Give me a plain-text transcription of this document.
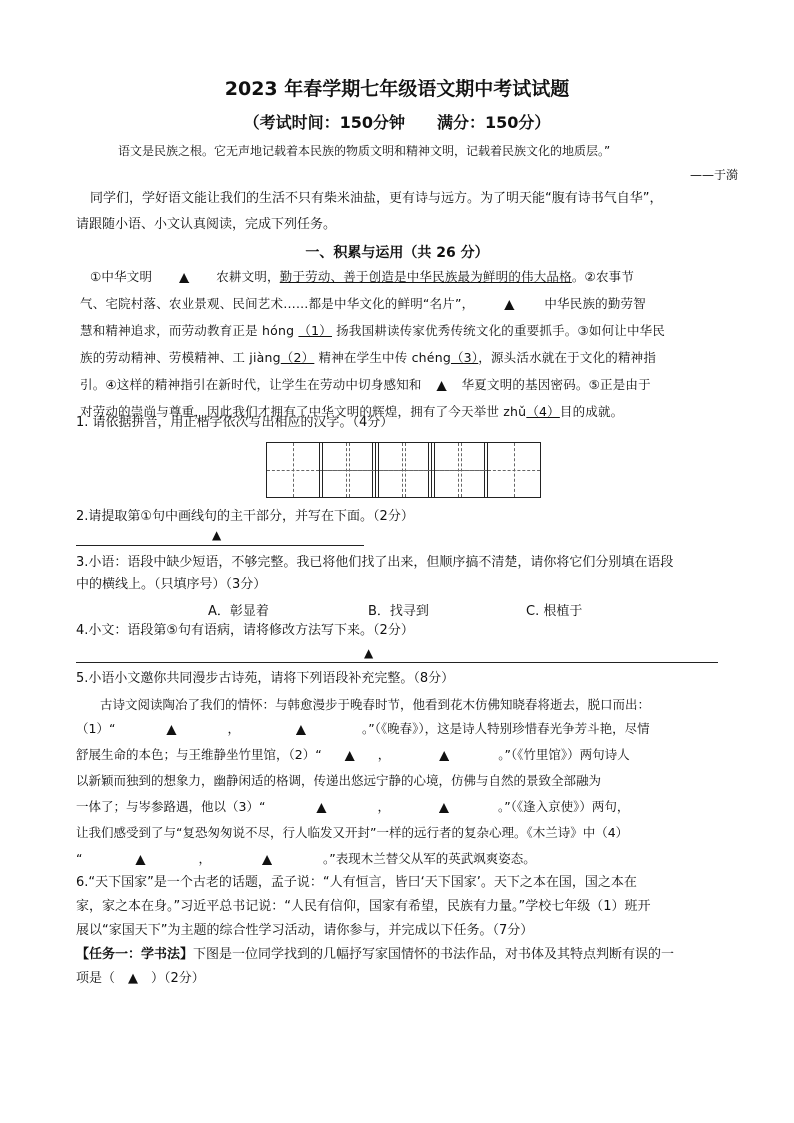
2023 年春学期七年级语文期中考试试题
（考试时间：150分钟　　满分：150分）
语文是民族之根。它无声地记载着本民族的物质文明和精神文明，记载着民族文化的地质层。”
——于漪
同学们，学好语文能让我们的生活不只有柴米油盐，更有诗与远方。为了明天能“腹有诗书气自华”，
请跟随小语、小文认真阅读，完成下列任务。
一、积累与运用（共 26 分）
①中华文明 ▲ 农耕文明，勤于劳动、善于创造是中华民族最为鲜明的伟大品格。②农事节
气、宅院村落、农业景观、民间艺术……都是中华文化的鲜明“名片”， ▲ 中华民族的勤劳智
慧和精神追求，而劳动教育正是 hóng （1） 扬我国耕读传家优秀传统文化的重要抓手。③如何让中华民
族的劳动精神、劳模精神、工 jiàng（2） 精神在学生中传 chéng（3），源头活水就在于文化的精神指
引。④这样的精神指引在新时代，让学生在劳动中切身感知和 ▲ 华夏文明的基因密码。⑤正是由于
对劳动的崇尚与尊重，因此我们才拥有了中华文明的辉煌，拥有了今天举世 zhǔ（4）目的成就。
1. 请依据拼音，用正楷字依次写出相应的汉字。（4分）
2.请提取第①句中画线句的主干部分，并写在下面。（2分）
▲
3.小语：语段中缺少短语，不够完整。我已将他们找了出来，但顺序搞不清楚，请你将它们分别填在语段
中的横线上。（只填序号）（3分）
A．彰显着	B．找寻到	C. 根植于
4.小文：语段第⑤句有语病，请将修改方法写下来。（2分）
▲
5.小语小文邀你共同漫步古诗苑，请将下列语段补充完整。（8分）
古诗文阅读陶冶了我们的情怀：与韩愈漫步于晚春时节，他看到花木仿佛知晓春将逝去，脱口而出：
（1）“	▲	，	▲	。”（《晚春》），这是诗人特别珍惜春光争芳斗艳，尽情
舒展生命的本色；与王维静坐竹里馆，（2）“ ▲ ，	▲	。”（《竹里馆》）两句诗人
以新颖而独到的想象力，幽静闲适的格调，传递出悠远宁静的心境，仿佛与自然的景致全部融为
一体了；与岑参路遇，他以（3）“	▲	，	▲	。”（《逢入京使》）两句，
让我们感受到了与“复恐匆匆说不尽，行人临发又开封”一样的远行者的复杂心理。《木兰诗》中（4）
“	▲	，	▲	。”表现木兰替父从军的英武飒爽姿态。
6.“天下国家”是一个古老的话题，孟子说：“人有恒言，皆曰‘天下国家’。天下之本在国，国之本在
家，家之本在身。”习近平总书记说：“人民有信仰，国家有希望，民族有力量。”学校七年级（1）班开
展以“家国天下”为主题的综合性学习活动，请你参与，并完成以下任务。（7分）
【任务一：学书法】下图是一位同学找到的几幅抒写家国情怀的书法作品，对书体及其特点判断有误的一
项是（　▲　）（2分）
